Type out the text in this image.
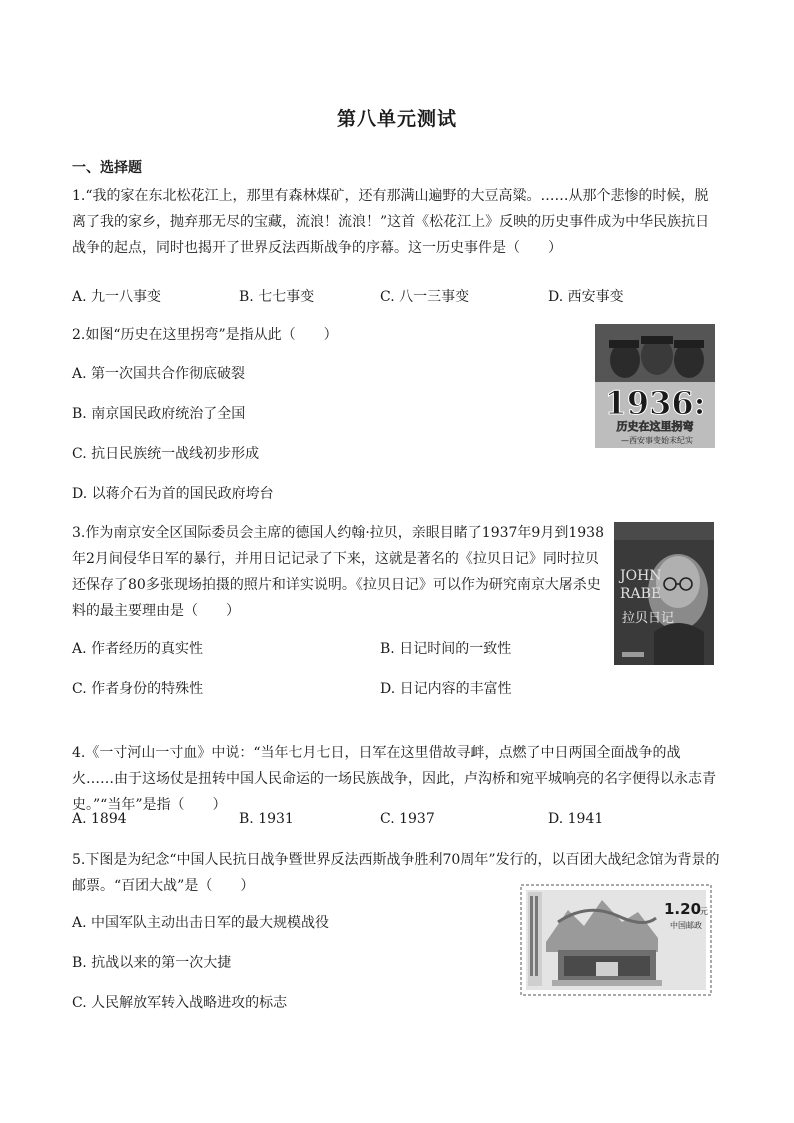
第八单元测试
一、选择题
1.“我的家在东北松花江上，那里有森林煤矿，还有那满山遍野的大豆高粱。……从那个悲惨的时候，脱离了我的家乡，抛弃那无尽的宝藏，流浪！流浪！”这首《松花江上》反映的历史事件成为中华民族抗日战争的起点，同时也揭开了世界反法西斯战争的序幕。这一历史事件是（　　）
A. 九一八事变	B. 七七事变	C. 八一三事变	D. 西安事变
2.如图“历史在这里拐弯”是指从此（　　）
A. 第一次国共合作彻底破裂
B. 南京国民政府统治了全国
C. 抗日民族统一战线初步形成
D. 以蒋介石为首的国民政府垮台
1936:
历史在这里拐弯
—西安事变始末纪实
3.作为南京安全区国际委员会主席的德国人约翰·拉贝，亲眼目睹了1937年9月到1938年2月间侵华日军的暴行，并用日记记录了下来，这就是著名的《拉贝日记》同时拉贝还保存了80多张现场拍摄的照片和详实说明。《拉贝日记》可以作为研究南京大屠杀史料的最主要理由是（　　）
A. 作者经历的真实性	B. 日记时间的一致性
C. 作者身份的特殊性	D. 日记内容的丰富性
JOHN
RABE
拉贝日记
4.《一寸河山一寸血》中说：“当年七月七日，日军在这里借故寻衅，点燃了中日两国全面战争的战火……由于这场仗是扭转中国人民命运的一场民族战争，因此，卢沟桥和宛平城响亮的名字便得以永志青史。”“当年”是指（　　）
A. 1894	B. 1931	C. 1937	D. 1941
5.下图是为纪念“中国人民抗日战争暨世界反法西斯战争胜利70周年”发行的，以百团大战纪念馆为背景的邮票。“百团大战”是（　　）
A. 中国军队主动出击日军的最大规模战役
B. 抗战以来的第一次大捷
C. 人民解放军转入战略进攻的标志
1.20
元
中国邮政
